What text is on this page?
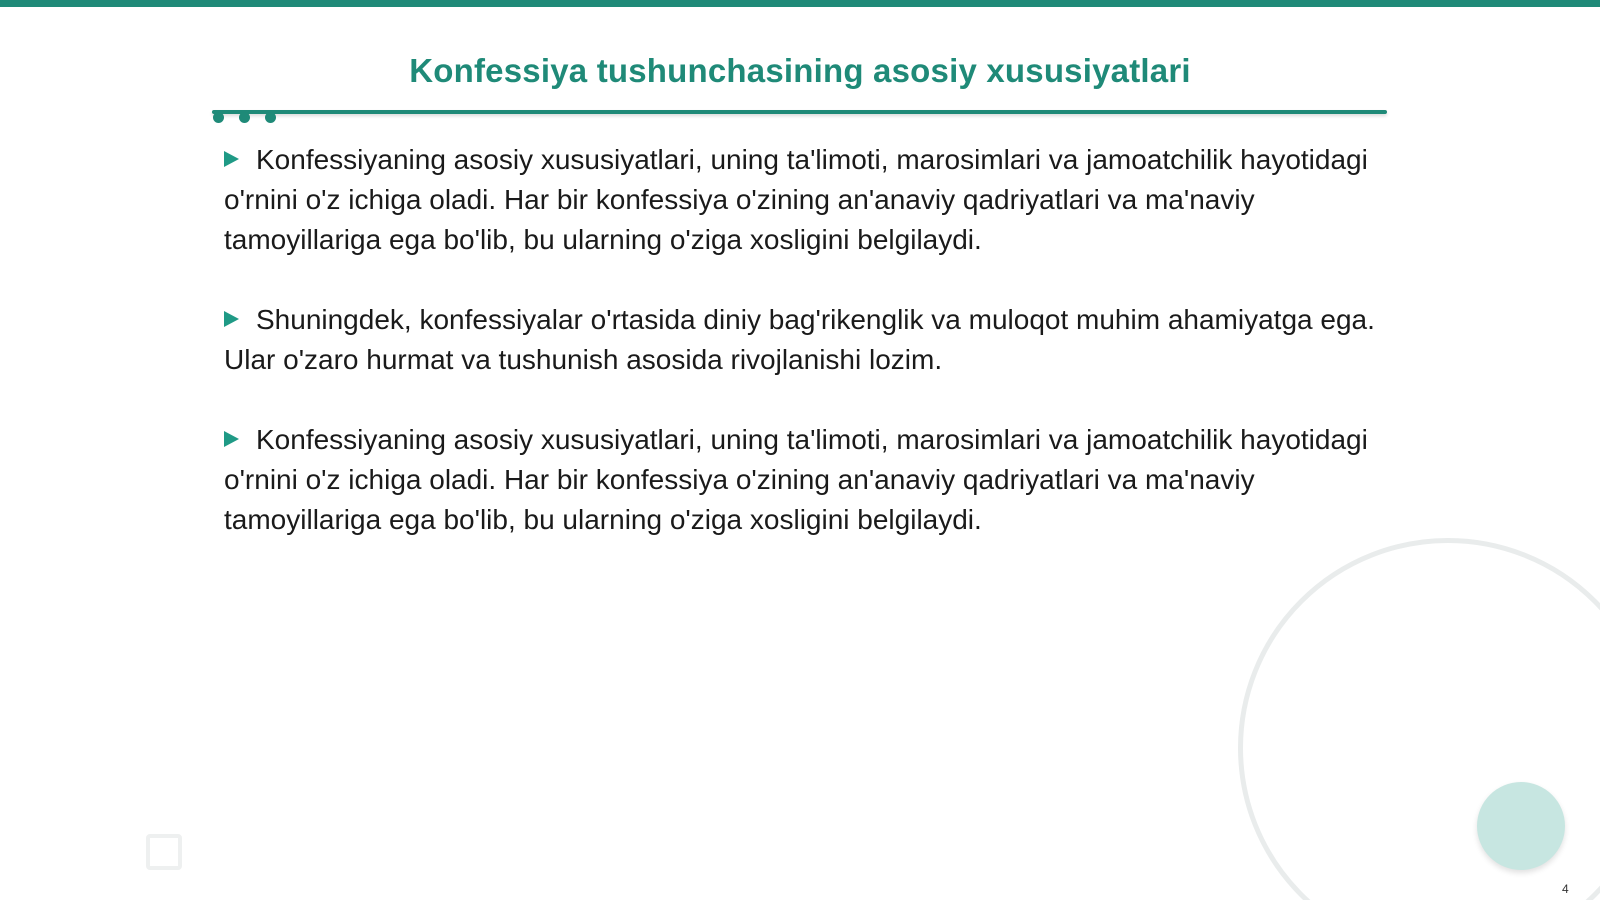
Konfessiya tushunchasining asosiy xususiyatlari

Konfessiyaning asosiy xususiyatlari, uning ta'limoti, marosimlari va jamoatchilik hayotidagi o'rnini o'z ichiga oladi. Har bir konfessiya o'zining an'anaviy qadriyatlari va ma'naviy tamoyillariga ega bo'lib, bu ularning o'ziga xosligini belgilaydi.

Shuningdek, konfessiyalar o'rtasida diniy bag'rikenglik va muloqot muhim ahamiyatga ega. Ular o'zaro hurmat va tushunish asosida rivojlanishi lozim.

Konfessiyaning asosiy xususiyatlari, uning ta'limoti, marosimlari va jamoatchilik hayotidagi o'rnini o'z ichiga oladi. Har bir konfessiya o'zining an'anaviy qadriyatlari va ma'naviy tamoyillariga ega bo'lib, bu ularning o'ziga xosligini belgilaydi.

4
